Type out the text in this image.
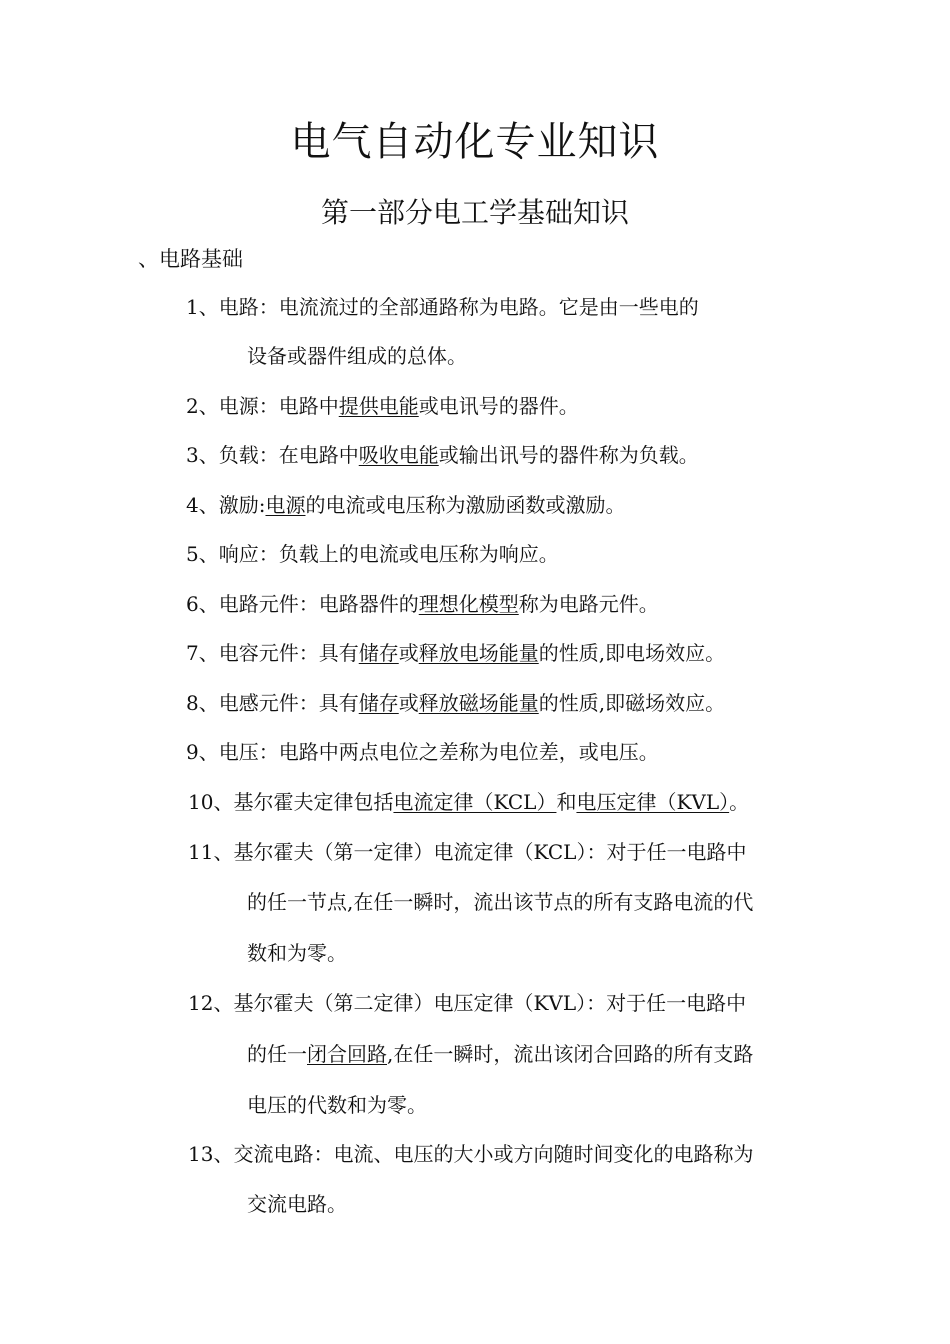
电气自动化专业知识
第一部分电工学基础知识
、电路基础
1、电路：电流流过的全部通路称为电路。它是由一些电的
设备或器件组成的总体。
2、电源：电路中提供电能或电讯号的器件。
3、负载：在电路中吸收电能或输出讯号的器件称为负载。
4、激励:电源的电流或电压称为激励函数或激励。
5、响应：负载上的电流或电压称为响应。
6、电路元件：电路器件的理想化模型称为电路元件。
7、电容元件：具有储存或释放电场能量的性质,即电场效应。
8、电感元件：具有储存或释放磁场能量的性质,即磁场效应。
9、电压：电路中两点电位之差称为电位差，或电压。
10、基尔霍夫定律包括电流定律（KCL）和电压定律（KVL）。
11、基尔霍夫（第一定律）电流定律（KCL）：对于任一电路中
的任一节点,在任一瞬时，流出该节点的所有支路电流的代
数和为零。
12、基尔霍夫（第二定律）电压定律（KVL）：对于任一电路中
的任一闭合回路,在任一瞬时，流出该闭合回路的所有支路
电压的代数和为零。
13、交流电路：电流、电压的大小或方向随时间变化的电路称为
交流电路。
